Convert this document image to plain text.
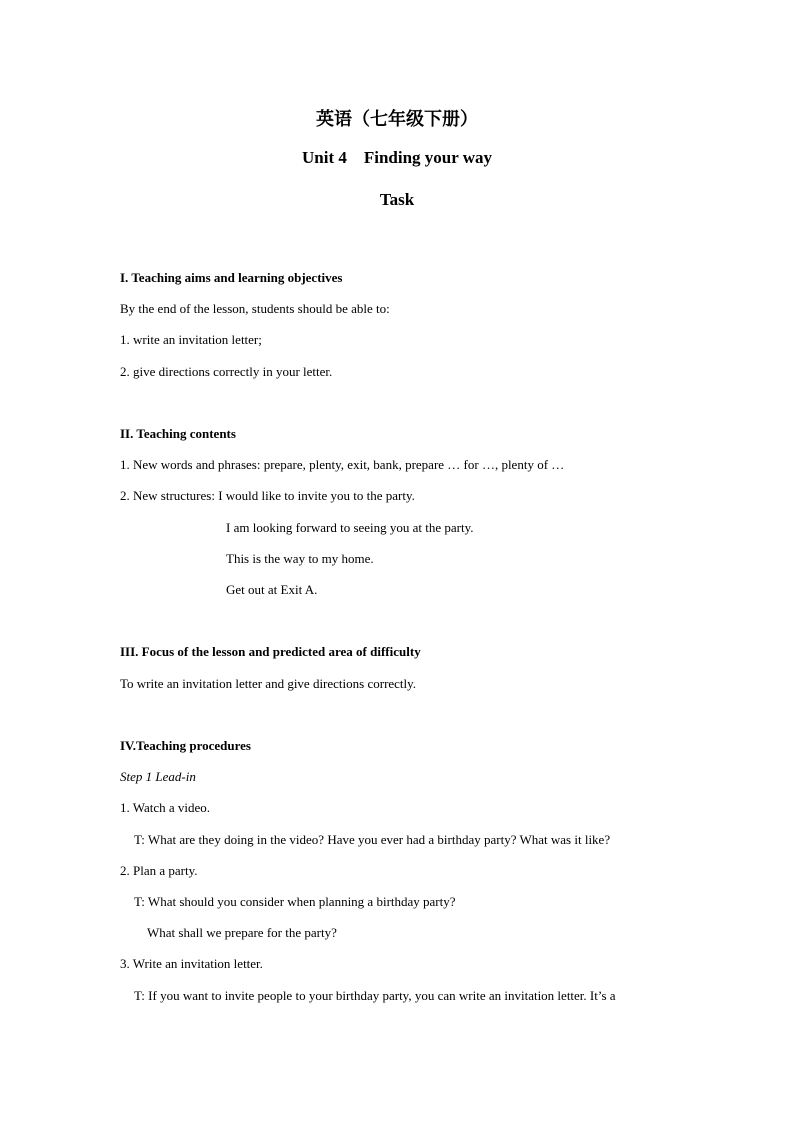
英语（七年级下册）
Unit 4    Finding your way
Task
I. Teaching aims and learning objectives
By the end of the lesson, students should be able to:
1. write an invitation letter;
2. give directions correctly in your letter.
II. Teaching contents
1. New words and phrases: prepare, plenty, exit, bank, prepare … for …, plenty of …
2. New structures: I would like to invite you to the party.
I am looking forward to seeing you at the party.
This is the way to my home.
Get out at Exit A.
III. Focus of the lesson and predicted area of difficulty
To write an invitation letter and give directions correctly.
IV.Teaching procedures
Step 1 Lead-in
1. Watch a video.
T: What are they doing in the video? Have you ever had a birthday party? What was it like?
2. Plan a party.
T: What should you consider when planning a birthday party?
What shall we prepare for the party?
3. Write an invitation letter.
T: If you want to invite people to your birthday party, you can write an invitation letter. It’s a
